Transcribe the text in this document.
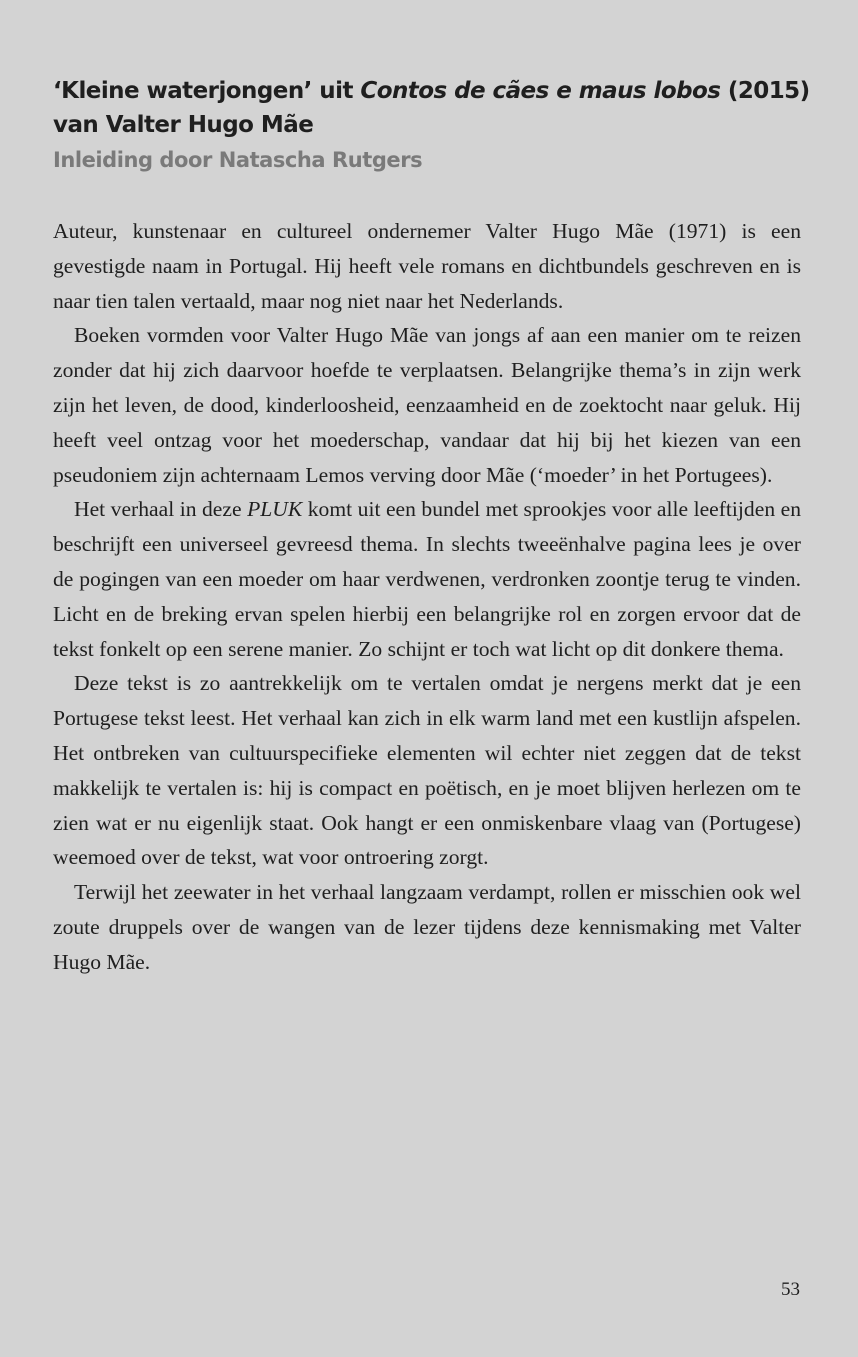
‘Kleine waterjongen’ uit Contos de cães e maus lobos (2015) van Valter Hugo Mãe
Inleiding door Natascha Rutgers

Auteur, kunstenaar en cultureel ondernemer Valter Hugo Mãe (1971) is een gevestigde naam in Portugal. Hij heeft vele romans en dichtbundels geschreven en is naar tien talen vertaald, maar nog niet naar het Nederlands.

Boeken vormden voor Valter Hugo Mãe van jongs af aan een manier om te reizen zonder dat hij zich daarvoor hoefde te verplaatsen. Belangrijke thema’s in zijn werk zijn het leven, de dood, kinderloosheid, eenzaamheid en de zoektocht naar geluk. Hij heeft veel ontzag voor het moederschap, vandaar dat hij bij het kiezen van een pseudoniem zijn achternaam Lemos verving door Mãe (‘moeder’ in het Portugees).

Het verhaal in deze PLUK komt uit een bundel met sprookjes voor alle leeftijden en beschrijft een universeel gevreesd thema. In slechts tweeënhalve pagina lees je over de pogingen van een moeder om haar verdwenen, verdronken zoontje terug te vinden. Licht en de breking ervan spelen hierbij een belangrijke rol en zorgen ervoor dat de tekst fonkelt op een serene manier. Zo schijnt er toch wat licht op dit donkere thema.

Deze tekst is zo aantrekkelijk om te vertalen omdat je nergens merkt dat je een Portugese tekst leest. Het verhaal kan zich in elk warm land met een kustlijn afspelen. Het ontbreken van cultuurspecifieke elementen wil echter niet zeggen dat de tekst makkelijk te vertalen is: hij is compact en poëtisch, en je moet blijven herlezen om te zien wat er nu eigenlijk staat. Ook hangt er een onmiskenbare vlaag van (Portugese) weemoed over de tekst, wat voor ontroering zorgt.

Terwijl het zeewater in het verhaal langzaam verdampt, rollen er misschien ook wel zoute druppels over de wangen van de lezer tijdens deze kennismaking met Valter Hugo Mãe.

53
